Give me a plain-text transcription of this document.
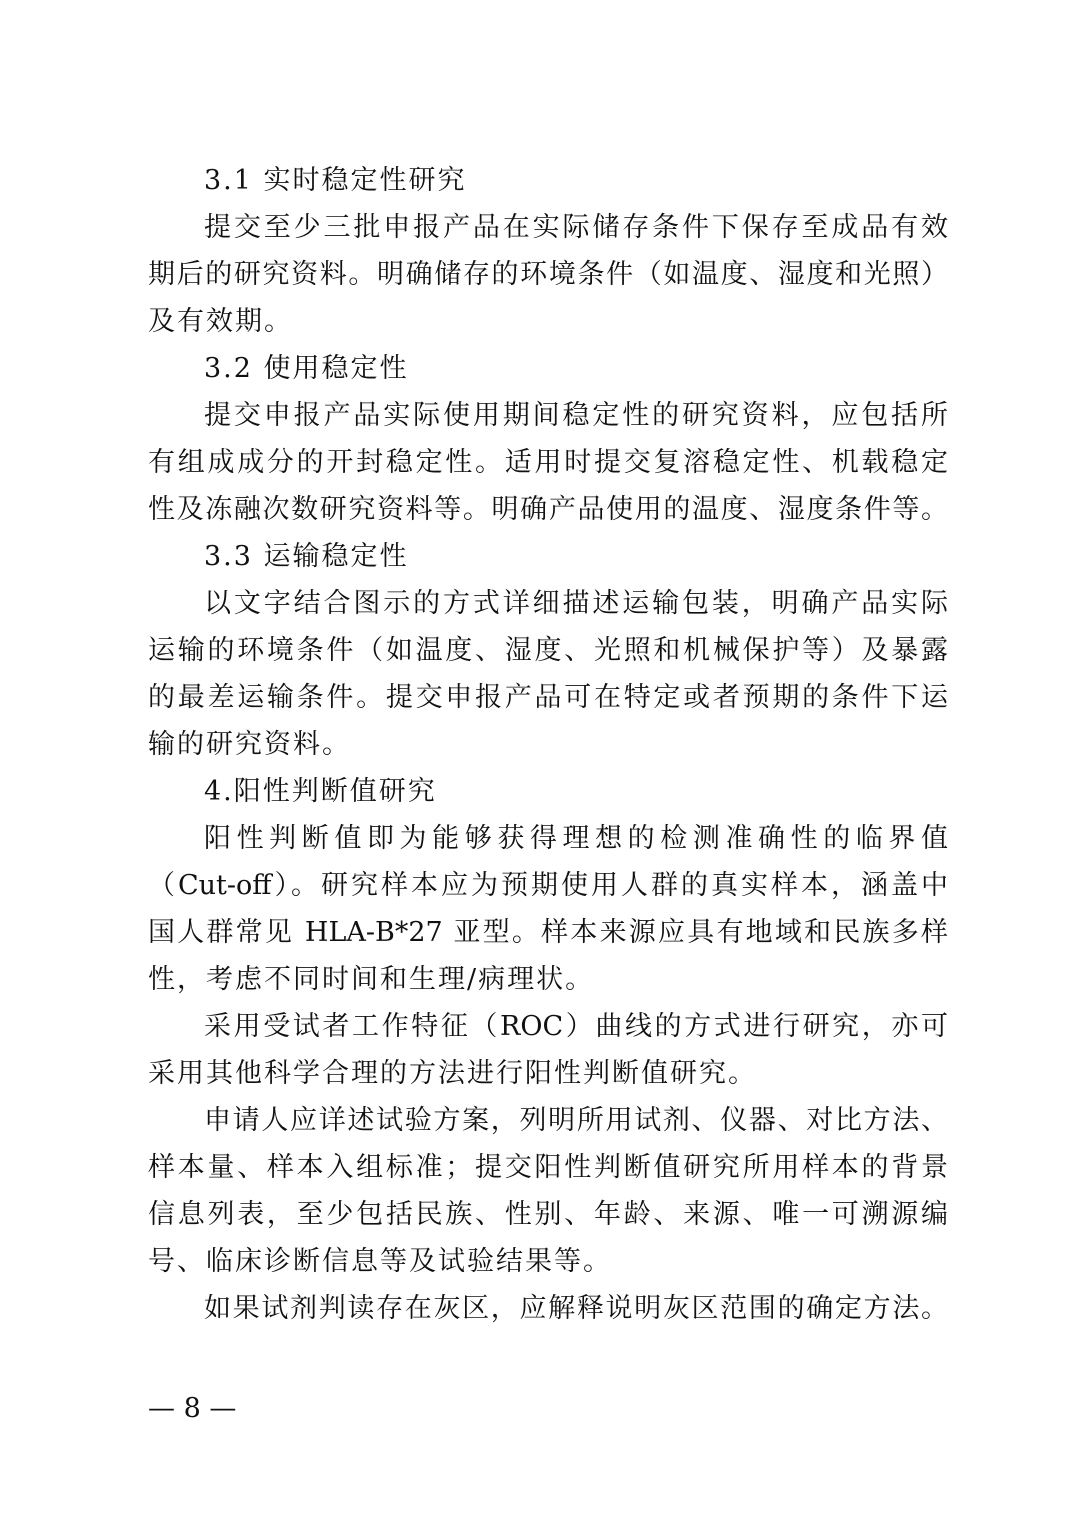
3.1 实时稳定性研究
提交至少三批申报产品在实际储存条件下保存至成品有效
期后的研究资料。明确储存的环境条件（如温度、湿度和光照）
及有效期。
3.2 使用稳定性
提交申报产品实际使用期间稳定性的研究资料，应包括所
有组成成分的开封稳定性。适用时提交复溶稳定性、机载稳定
性及冻融次数研究资料等。明确产品使用的温度、湿度条件等。
3.3 运输稳定性
以文字结合图示的方式详细描述运输包装，明确产品实际
运输的环境条件（如温度、湿度、光照和机械保护等）及暴露
的最差运输条件。提交申报产品可在特定或者预期的条件下运
输的研究资料。
4.阳性判断值研究
阳性判断值即为能够获得理想的检测准确性的临界值
（Cut-off）。研究样本应为预期使用人群的真实样本，涵盖中
国人群常见 HLA-B*27 亚型。样本来源应具有地域和民族多样
性，考虑不同时间和生理/病理状。
采用受试者工作特征（ROC）曲线的方式进行研究，亦可
采用其他科学合理的方法进行阳性判断值研究。
申请人应详述试验方案，列明所用试剂、仪器、对比方法、
样本量、样本入组标准；提交阳性判断值研究所用样本的背景
信息列表，至少包括民族、性别、年龄、来源、唯一可溯源编
号、临床诊断信息等及试验结果等。
如果试剂判读存在灰区，应解释说明灰区范围的确定方法。
— 8 —
